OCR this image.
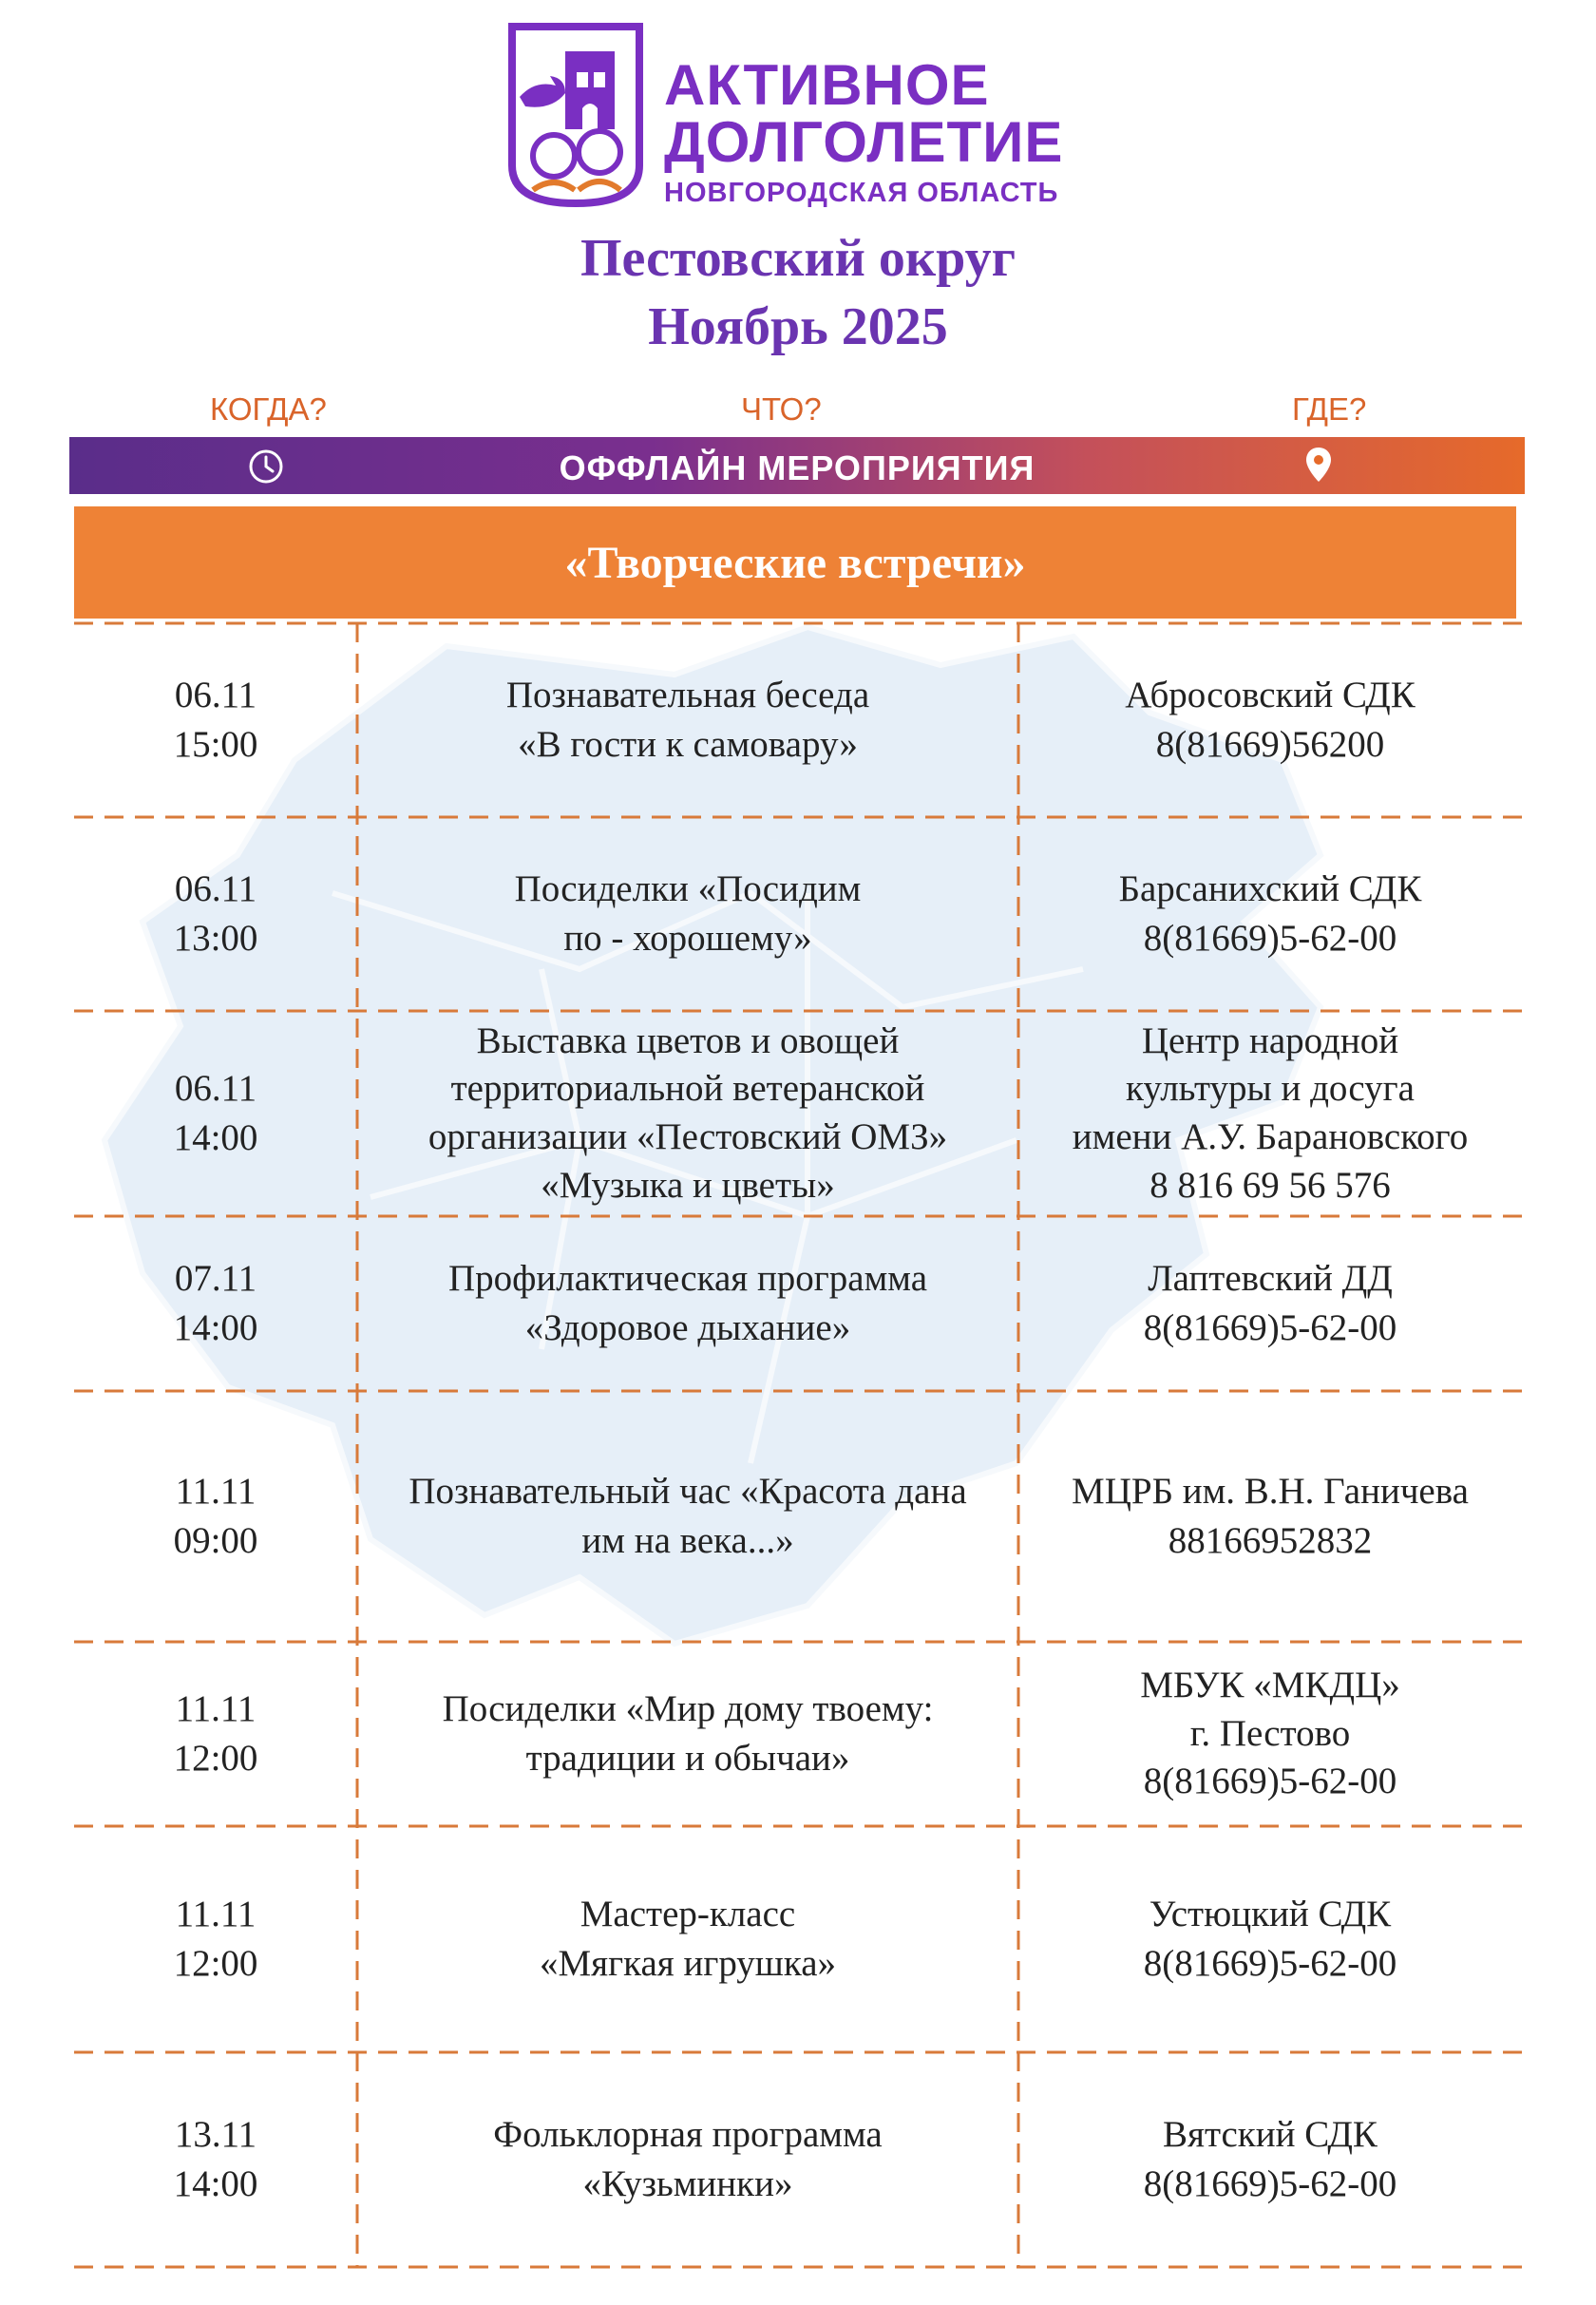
АКТИВНОЕ
ДОЛГОЛЕТИЕ
НОВГОРОДСКАЯ ОБЛАСТЬ
Пестовский округ
Ноябрь 2025
КОГДА?	ЧТО?	ГДЕ?
ОФФЛАЙН МЕРОПРИЯТИЯ
«Творческие встречи»
06.11
15:00
Познавательная беседа
«В гости к самовару»
Абросовский СДК
8(81669)56200
06.11
13:00
Посиделки «Посидим
по - хорошему»
Барсанихский СДК
8(81669)5-62-00
06.11
14:00
Выставка цветов и овощей
территориальной ветеранской
организации «Пестовский ОМЗ»
«Музыка и цветы»
Центр народной
культуры и досуга
имени А.У. Барановского
8 816 69 56 576
07.11
14:00
Профилактическая программа
«Здоровое дыхание»
Лаптевский ДД
8(81669)5-62-00
11.11
09:00
Познавательный час «Красота дана
им на века...»
МЦРБ им. В.Н. Ганичева
88166952832
11.11
12:00
Посиделки «Мир дому твоему:
традиции и обычаи»
МБУК «МКДЦ»
г. Пестово
8(81669)5-62-00
11.11
12:00
Мастер-класс
«Мягкая игрушка»
Устюцкий СДК
8(81669)5-62-00
13.11
14:00
Фольклорная программа
«Кузьминки»
Вятский СДК
8(81669)5-62-00
